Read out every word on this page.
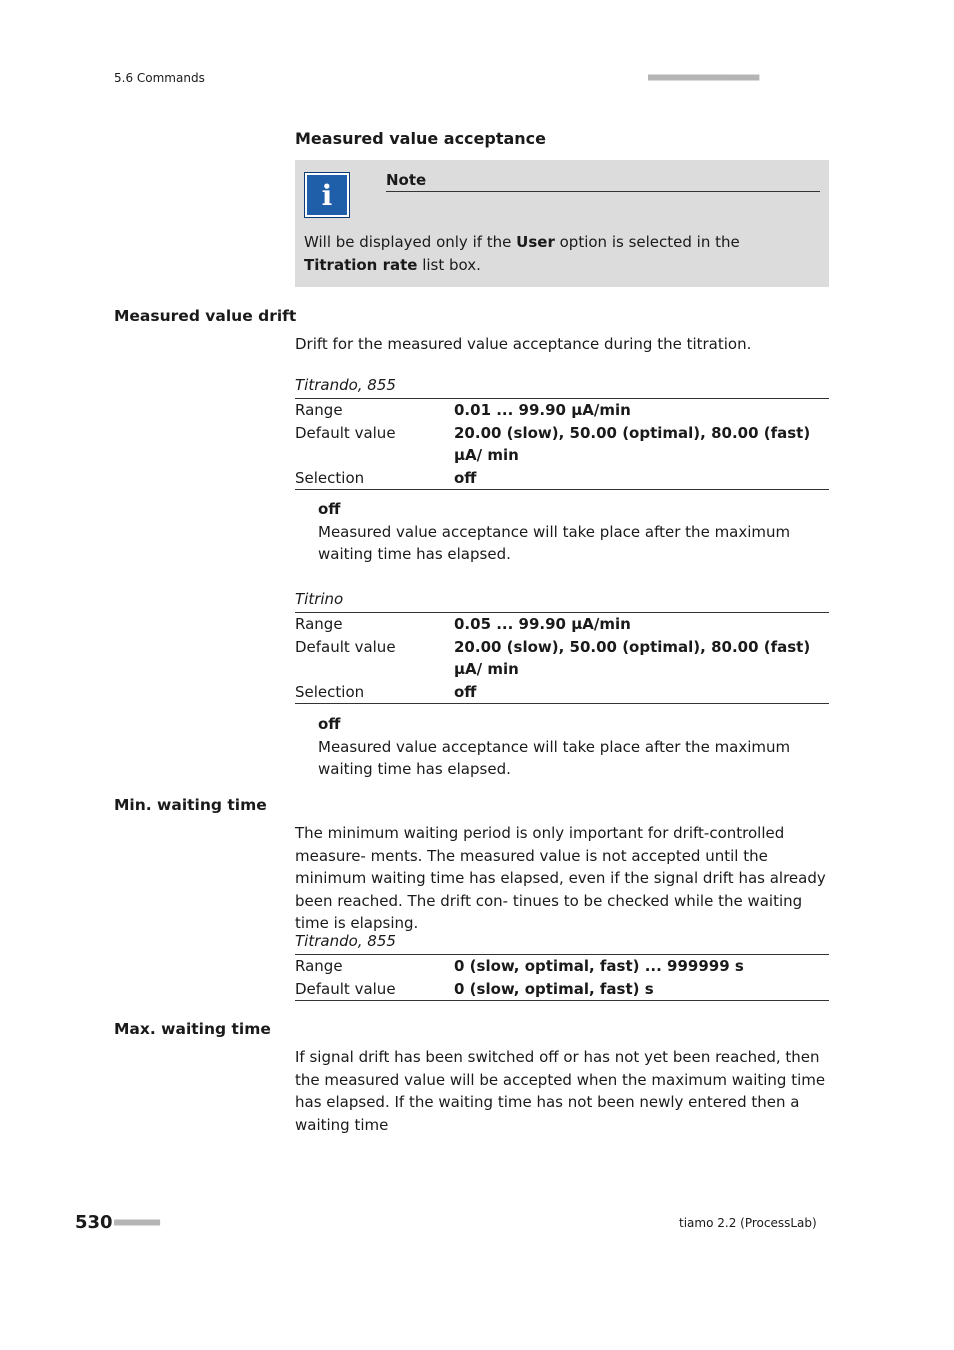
5.6 Commands	■■■■■■■■■■■■■■■■■■■■■■
Measured value acceptance
i	Note
Will be displayed only if the User option is selected in the Titration rate list box.
Measured value drift
Drift for the measured value acceptance during the titration.
Titrando, 855
Range	0.01 ... 99.90 µA/min
Default value	20.00 (slow), 50.00 (optimal), 80.00 (fast) µA/ min
Selection	off
off
Measured value acceptance will take place after the maximum waiting time has elapsed.
Titrino
Range	0.05 ... 99.90 µA/min
Default value	20.00 (slow), 50.00 (optimal), 80.00 (fast) µA/ min
Selection	off
off
Measured value acceptance will take place after the maximum waiting time has elapsed.
Min. waiting time
The minimum waiting period is only important for drift-controlled measure- ments. The measured value is not accepted until the minimum waiting time has elapsed, even if the signal drift has already been reached. The drift con- tinues to be checked while the waiting time is elapsing.
Titrando, 855
Range	0 (slow, optimal, fast) ... 999999 s
Default value	0 (slow, optimal, fast) s
Max. waiting time
If signal drift has been switched off or has not yet been reached, then the measured value will be accepted when the maximum waiting time has elapsed. If the waiting time has not been newly entered then a waiting time
530 ■■■■■■■■■	tiamo 2.2 (ProcessLab)
